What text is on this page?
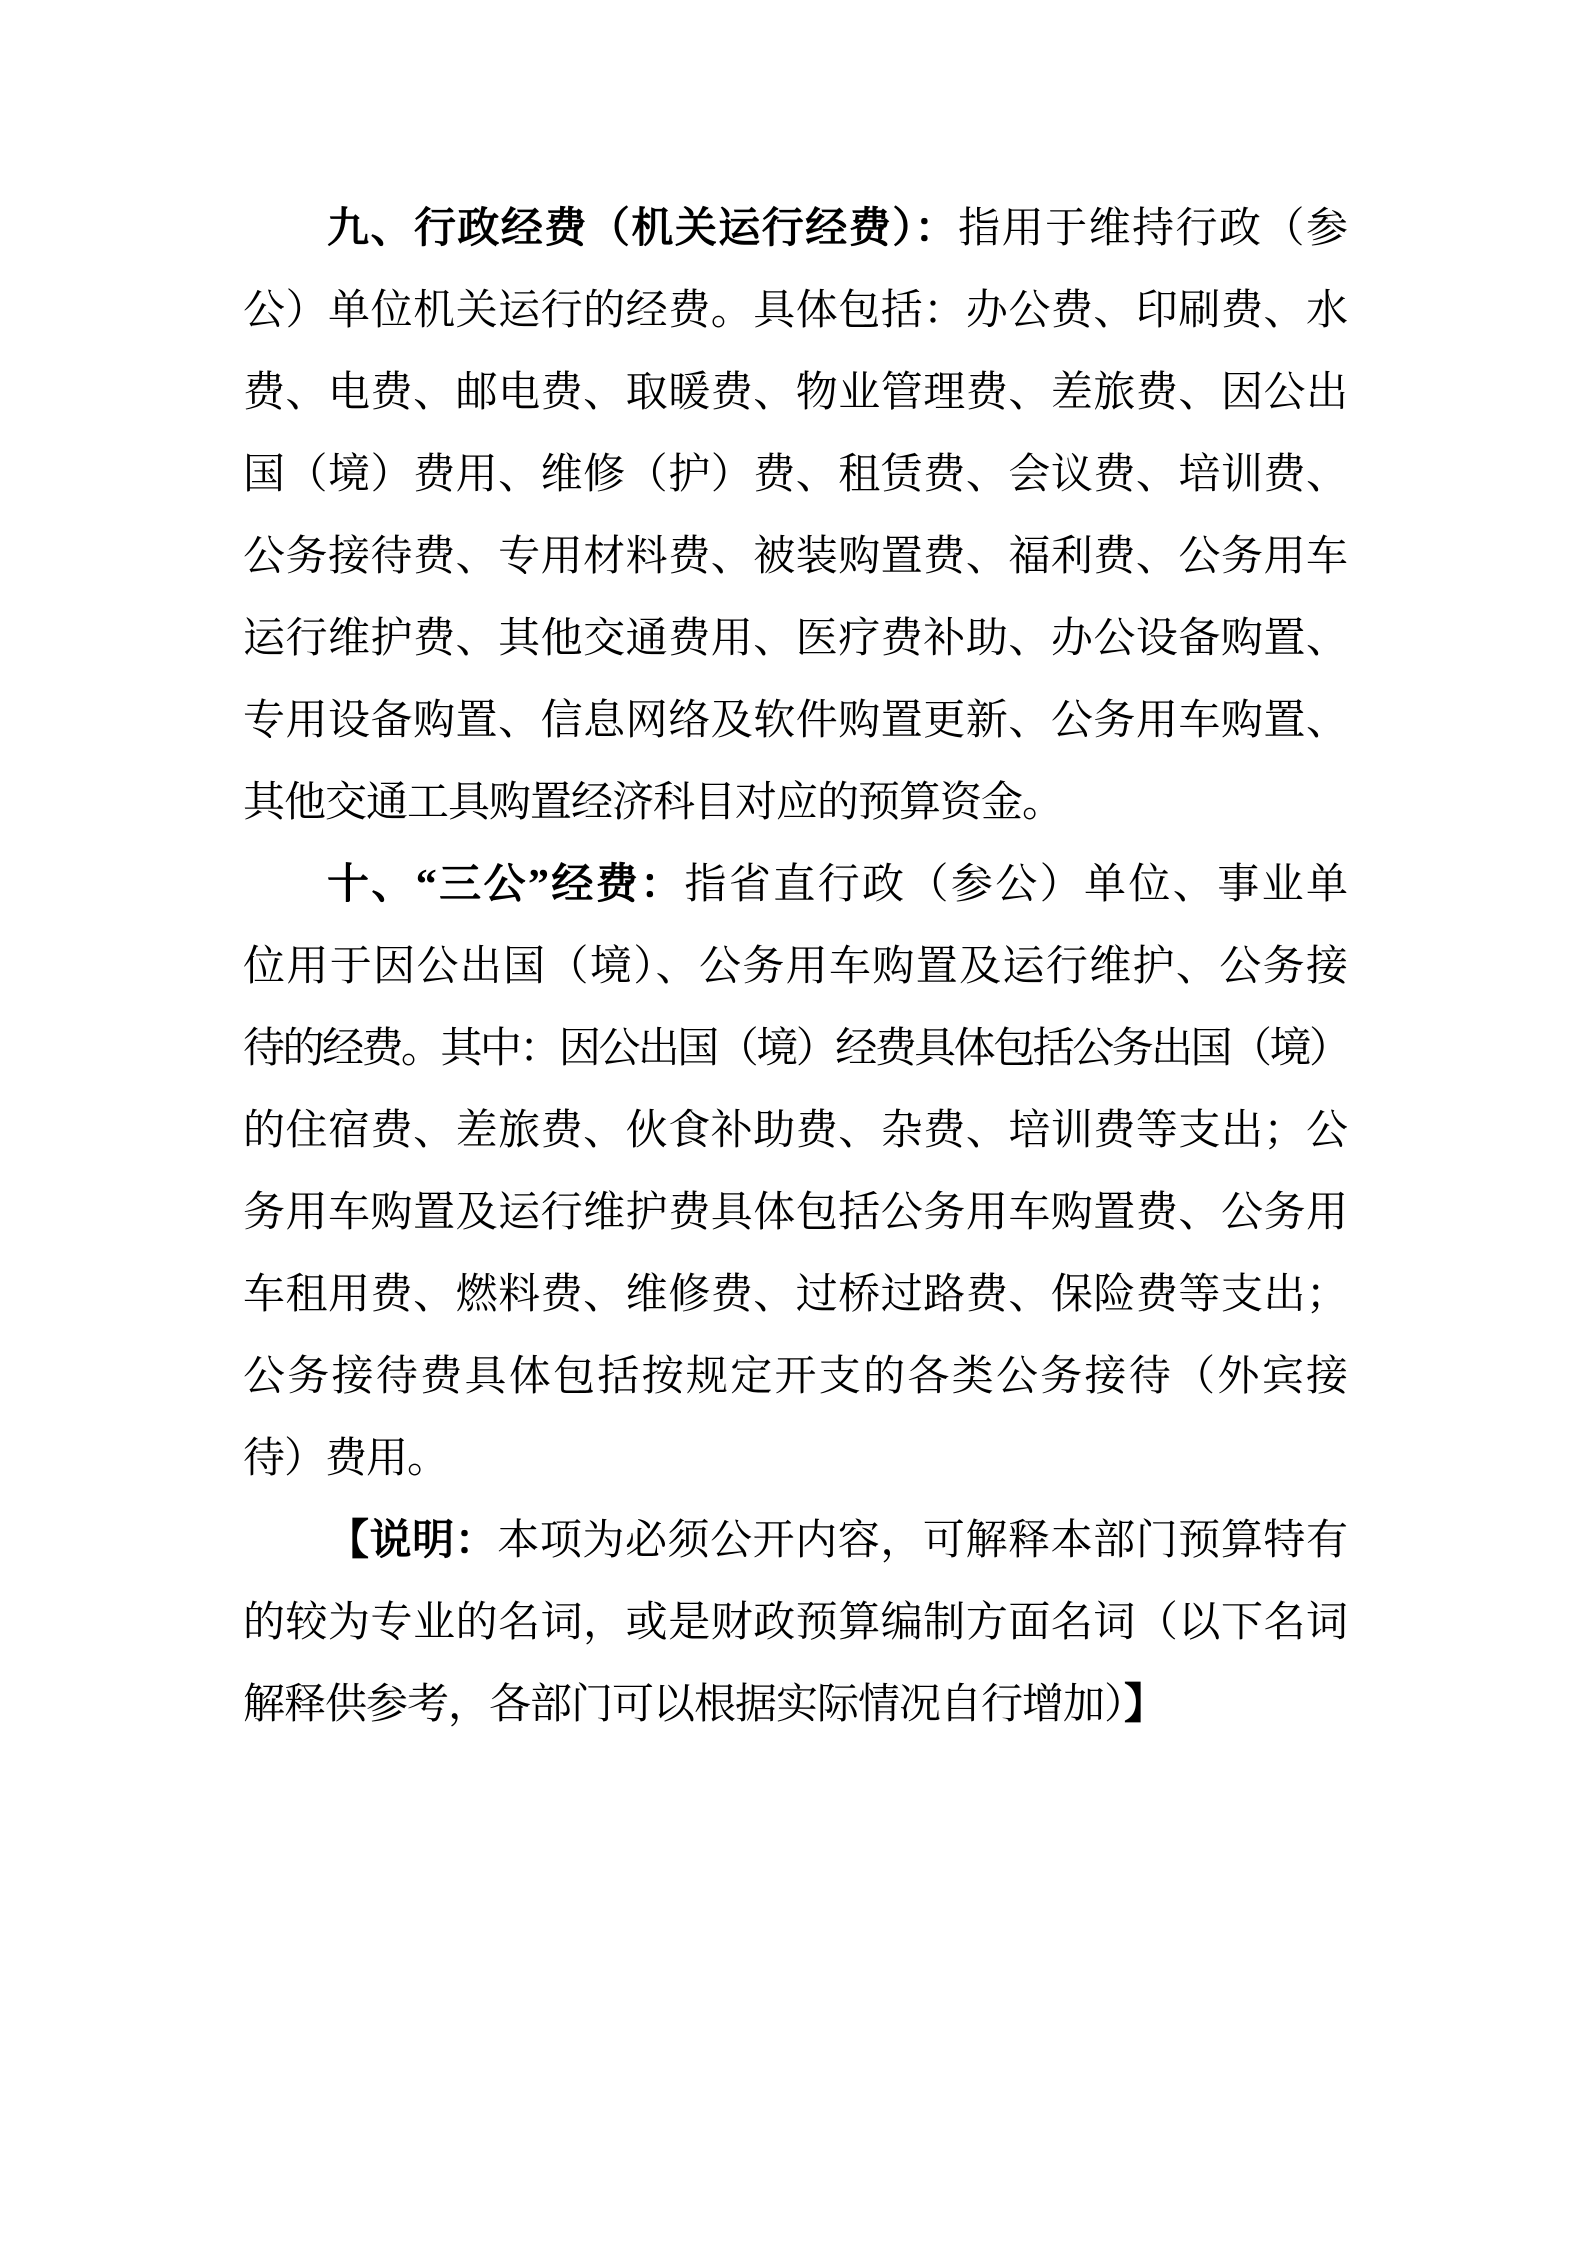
九、行政经费（机关运行经费）：指用于维持行政（参
公）单位机关运行的经费。具体包括：办公费、印刷费、水
费、电费、邮电费、取暖费、物业管理费、差旅费、因公出
国（境）费用、维修（护）费、租赁费、会议费、培训费、
公务接待费、专用材料费、被装购置费、福利费、公务用车
运行维护费、其他交通费用、医疗费补助、办公设备购置、
专用设备购置、信息网络及软件购置更新、公务用车购置、
其他交通工具购置经济科目对应的预算资金。
十、“三公”经费：指省直行政（参公）单位、事业单
位用于因公出国（境）、公务用车购置及运行维护、公务接
待的经费。其中：因公出国（境）经费具体包括公务出国（境）
的住宿费、差旅费、伙食补助费、杂费、培训费等支出；公
务用车购置及运行维护费具体包括公务用车购置费、公务用
车租用费、燃料费、维修费、过桥过路费、保险费等支出；
公务接待费具体包括按规定开支的各类公务接待（外宾接
待）费用。
【说明：本项为必须公开内容，可解释本部门预算特有
的较为专业的名词，或是财政预算编制方面名词（以下名词
解释供参考，各部门可以根据实际情况自行增加）】
